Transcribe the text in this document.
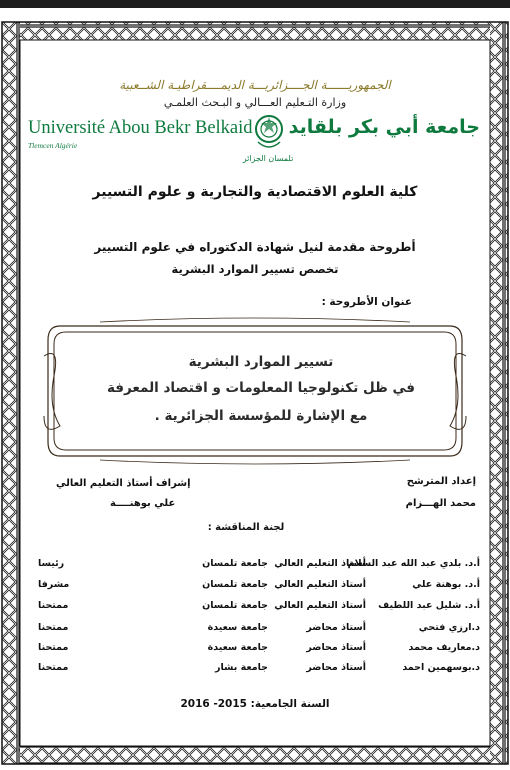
الجمهوريــــــة الجــــزائريـــة الديمــــقراطيـة الشــعبية
وزارة التـعليم العـــالي و البـحث العلمـي
Université Abou Bekr Belkaid
Tlemcen Algérie
جامعة أبي بكر بلقايد
تلمسان الجزائر
كلية العلوم الاقتصادية والتجارية و علوم التسيير
أطروحة مقدمة لنيل شهادة الدكتوراه في علوم التسيير
تخصص تسيير الموارد البشرية
عنوان الأطروحة :
تسيير الموارد البشرية
في ظل تكنولوجيا المعلومات و اقتصاد المعرفة
مع الإشارة للمؤسسة الجزائرية .
إعداد المترشح
محمد الهـــزام
إشراف أستاذ التعليم العالي
علي بوهنــــة
لجنة المناقشة :
أ.د. بلدي عبد الله عبد السلام
أستاذ التعليم العالي
جامعة تلمسان
رئيسا
أ.د. بوهنة علي
أستاذ التعليم العالي
جامعة تلمسان
مشرفا
أ.د. شليل عبد اللطيف
أستاذ التعليم العالي
جامعة تلمسان
ممتحنا
د.ارزي فتحي
أستاذ محاضر
جامعة سعيدة
ممتحنا
د.معاريف محمد
أستاذ محاضر
جامعة سعيدة
ممتحنا
د.بوسهمين احمد
أستاذ محاضر
جامعة بشار
ممتحنا
السنة الجامعية: 2015- 2016
